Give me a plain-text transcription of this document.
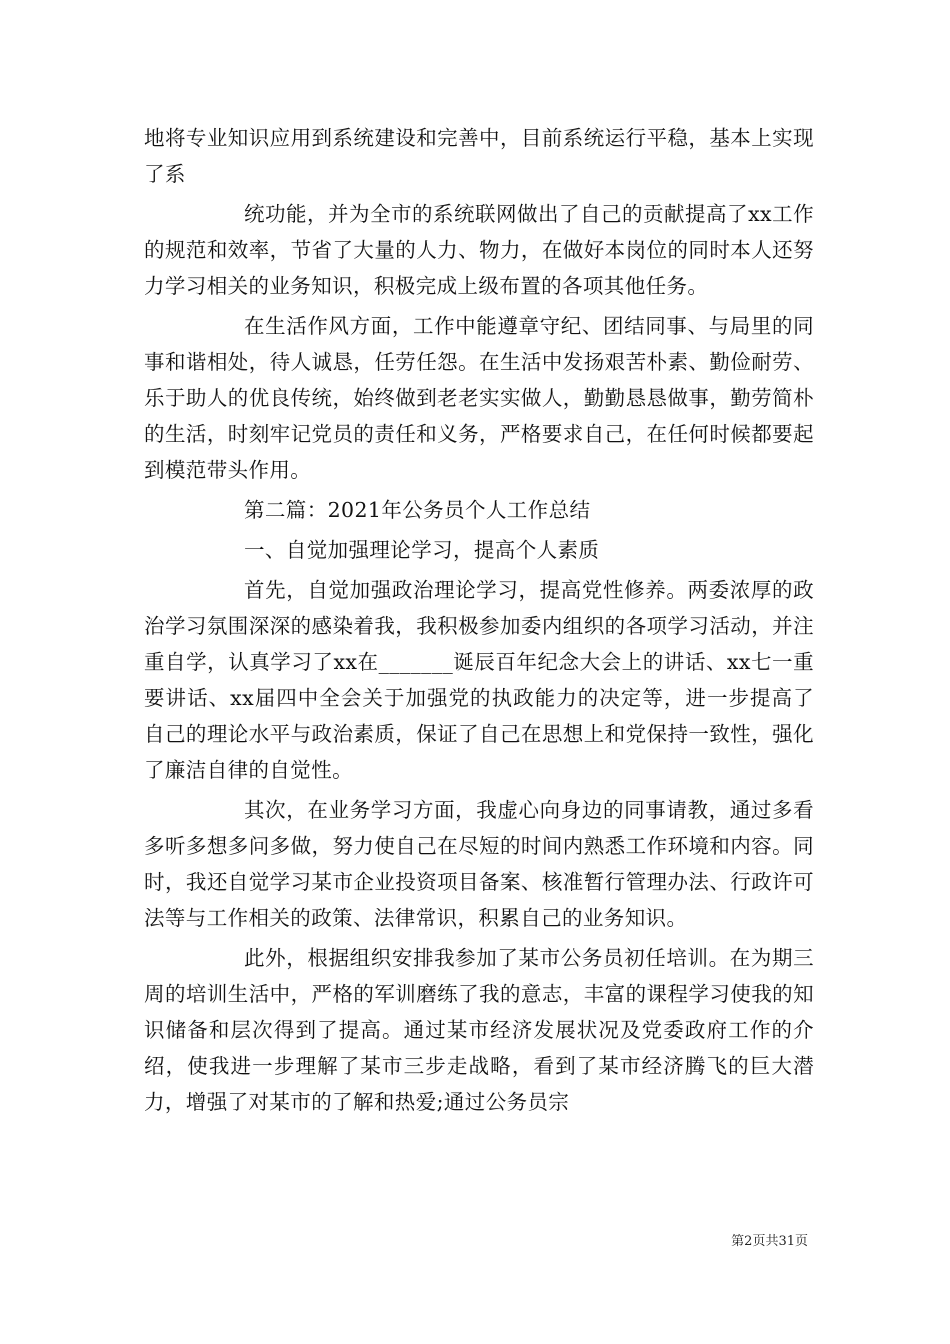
地将专业知识应用到系统建设和完善中，目前系统运行平稳，基本上实现了系

统功能，并为全市的系统联网做出了自己的贡献提高了xx工作的规范和效率，节省了大量的人力、物力，在做好本岗位的同时本人还努力学习相关的业务知识，积极完成上级布置的各项其他任务。

在生活作风方面，工作中能遵章守纪、团结同事、与局里的同事和谐相处，待人诚恳，任劳任怨。在生活中发扬艰苦朴素、勤俭耐劳、乐于助人的优良传统，始终做到老老实实做人，勤勤恳恳做事，勤劳简朴的生活，时刻牢记党员的责任和义务，严格要求自己，在任何时候都要起到模范带头作用。

第二篇：2021年公务员个人工作总结

一、自觉加强理论学习，提高个人素质

首先，自觉加强政治理论学习，提高党性修养。两委浓厚的政治学习氛围深深的感染着我，我积极参加委内组织的各项学习活动，并注重自学，认真学习了xx在_______诞辰百年纪念大会上的讲话、xx七一重要讲话、xx届四中全会关于加强党的执政能力的决定等，进一步提高了自己的理论水平与政治素质，保证了自己在思想上和党保持一致性，强化了廉洁自律的自觉性。

其次，在业务学习方面，我虚心向身边的同事请教，通过多看多听多想多问多做，努力使自己在尽短的时间内熟悉工作环境和内容。同时，我还自觉学习某市企业投资项目备案、核准暂行管理办法、行政许可法等与工作相关的政策、法律常识，积累自己的业务知识。

此外，根据组织安排我参加了某市公务员初任培训。在为期三周的培训生活中，严格的军训磨练了我的意志，丰富的课程学习使我的知识储备和层次得到了提高。通过某市经济发展状况及党委政府工作的介绍，使我进一步理解了某市三步走战略，看到了某市经济腾飞的巨大潜力，增强了对某市的了解和热爱;通过公务员宗

第2页共31页
